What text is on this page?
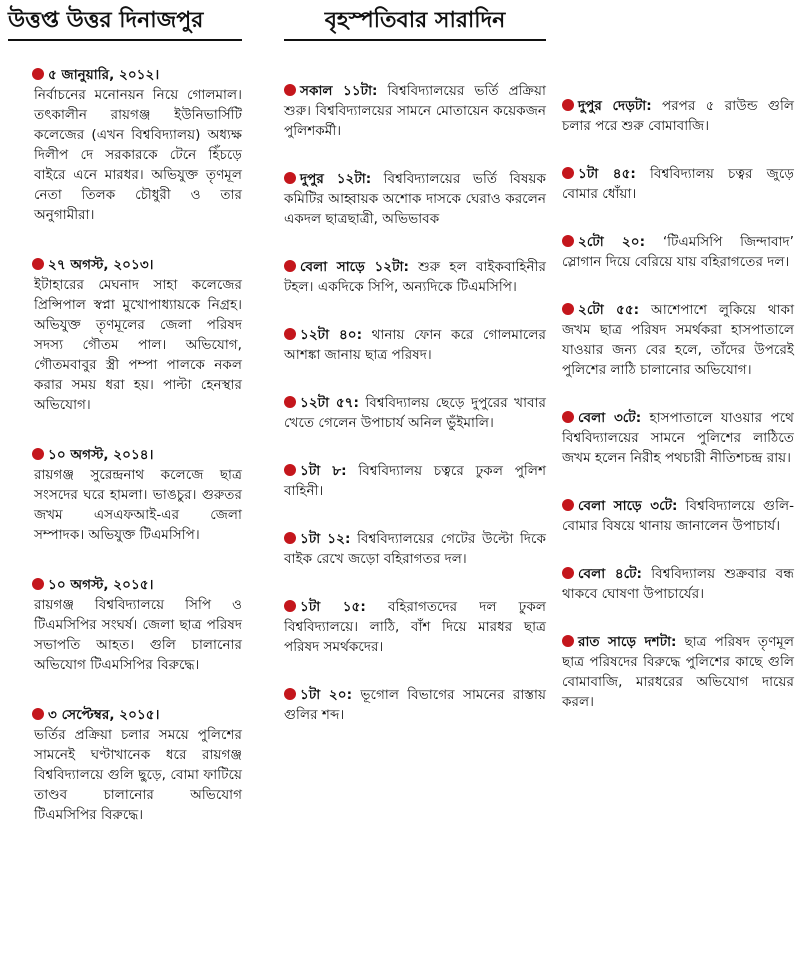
উত্তপ্ত উত্তর দিনাজপুর
৫ জানুয়ারি, ২০১২।
নির্বাচনের মনোনয়ন নিয়ে গোলমাল। তৎকালীন রায়গঞ্জ ইউনিভার্সিটি কলেজের (এখন বিশ্ববিদ্যালয়) অধ্যক্ষ দিলীপ দে সরকারকে টেনে হিঁচড়ে বাইরে এনে মারধর। অভিযুক্ত তৃণমূল নেতা তিলক চৌধুরী ও তার অনুগামীরা।
২৭ অগস্ট, ২০১৩।
ইটাহারের মেঘনাদ সাহা কলেজের প্রিন্সিপাল স্বপ্না মুখোপাধ্যায়কে নিগ্রহ। অভিযুক্ত তৃণমূলের জেলা পরিষদ সদস্য গৌতম পাল। অভিযোগ, গৌতমবাবুর স্ত্রী পম্পা পালকে নকল করার সময় ধরা হয়। পাল্টা হেনস্থার অভিযোগ।
১০ অগস্ট, ২০১৪।
রায়গঞ্জ সুরেন্দ্রনাথ কলেজে ছাত্র সংসদের ঘরে হামলা। ভাঙচুর। গুরুতর জখম এসএফআই-এর জেলা সম্পাদক। অভিযুক্ত টিএমসিপি।
১০ অগস্ট, ২০১৫।
রায়গঞ্জ বিশ্ববিদ্যালয়ে সিপি ও টিএমসিপির সংঘর্ষ। জেলা ছাত্র পরিষদ সভাপতি আহত। গুলি চালানোর অভিযোগ টিএমসিপির বিরুদ্ধে।
৩ সেপ্টেম্বর, ২০১৫।
ভর্তির প্রক্রিয়া চলার সময়ে পুলিশের সামনেই ঘণ্টাখানেক ধরে রায়গঞ্জ বিশ্ববিদ্যালয়ে গুলি ছুড়ে, বোমা ফাটিয়ে তাণ্ডব চালানোর অভিযোগ টিএমসিপির বিরুদ্ধে।
বৃহস্পতিবার সারাদিন
সকাল ১১টা: বিশ্ববিদ্যালয়ের ভর্তি প্রক্রিয়া শুরু। বিশ্ববিদ্যালয়ের সামনে মোতায়েন কয়েকজন পুলিশকর্মী।
দুপুর ১২টা: বিশ্ববিদ্যালয়ের ভর্তি বিষয়ক কমিটির আহ্বায়ক অশোক দাসকে ঘেরাও করলেন একদল ছাত্রছাত্রী, অভিভাবক
বেলা সাড়ে ১২টা: শুরু হল বাইকবাহিনীর টহল। একদিকে সিপি, অন্যদিকে টিএমসিপি।
১২টা ৪০: থানায় ফোন করে গোলমালের আশঙ্কা জানায় ছাত্র পরিষদ।
১২টা ৫৭: বিশ্ববিদ্যালয় ছেড়ে দুপুরের খাবার খেতে গেলেন উপাচার্য অনিল ভুঁইমালি।
১টা ৮: বিশ্ববিদ্যালয় চত্বরে ঢুকল পুলিশ বাহিনী।
১টা ১২: বিশ্ববিদ্যালয়ের গেটের উল্টো দিকে বাইক রেখে জড়ো বহিরাগতর দল।
১টা ১৫: বহিরাগতদের দল ঢুকল বিশ্ববিদ্যালয়ে। লাঠি, বাঁশ দিয়ে মারধর ছাত্র পরিষদ সমর্থকদের।
১টা ২০: ভূগোল বিভাগের সামনের রাস্তায় গুলির শব্দ।
দুপুর দেড়টা: পরপর ৫ রাউন্ড গুলি চলার পরে শুরু বোমাবাজি।
১টা ৪৫: বিশ্ববিদ্যালয় চত্বর জুড়ে বোমার ধোঁয়া।
২টো ২০: ‘টিএমসিপি জিন্দাবাদ’ স্লোগান দিয়ে বেরিয়ে যায় বহিরাগতের দল।
২টো ৫৫: আশেপাশে লুকিয়ে থাকা জখম ছাত্র পরিষদ সমর্থকরা হাসপাতালে যাওয়ার জন্য বের হলে, তাঁদের উপরেই পুলিশের লাঠি চালানোর অভিযোগ।
বেলা ৩টে: হাসপাতালে যাওয়ার পথে বিশ্ববিদ্যালয়ের সামনে পুলিশের লাঠিতে জখম হলেন নিরীহ পথচারী নীতিশচন্দ্র রায়।
বেলা সাড়ে ৩টে: বিশ্ববিদ্যালয়ে গুলি-বোমার বিষয়ে থানায় জানালেন উপাচার্য।
বেলা ৪টে: বিশ্ববিদ্যালয় শুক্রবার বন্ধ থাকবে ঘোষণা উপাচার্যের।
রাত সাড়ে দশটা: ছাত্র পরিষদ তৃণমূল ছাত্র পরিষদের বিরুদ্ধে পুলিশের কাছে গুলি বোমাবাজি, মারধরের অভিযোগ দায়ের করল।
